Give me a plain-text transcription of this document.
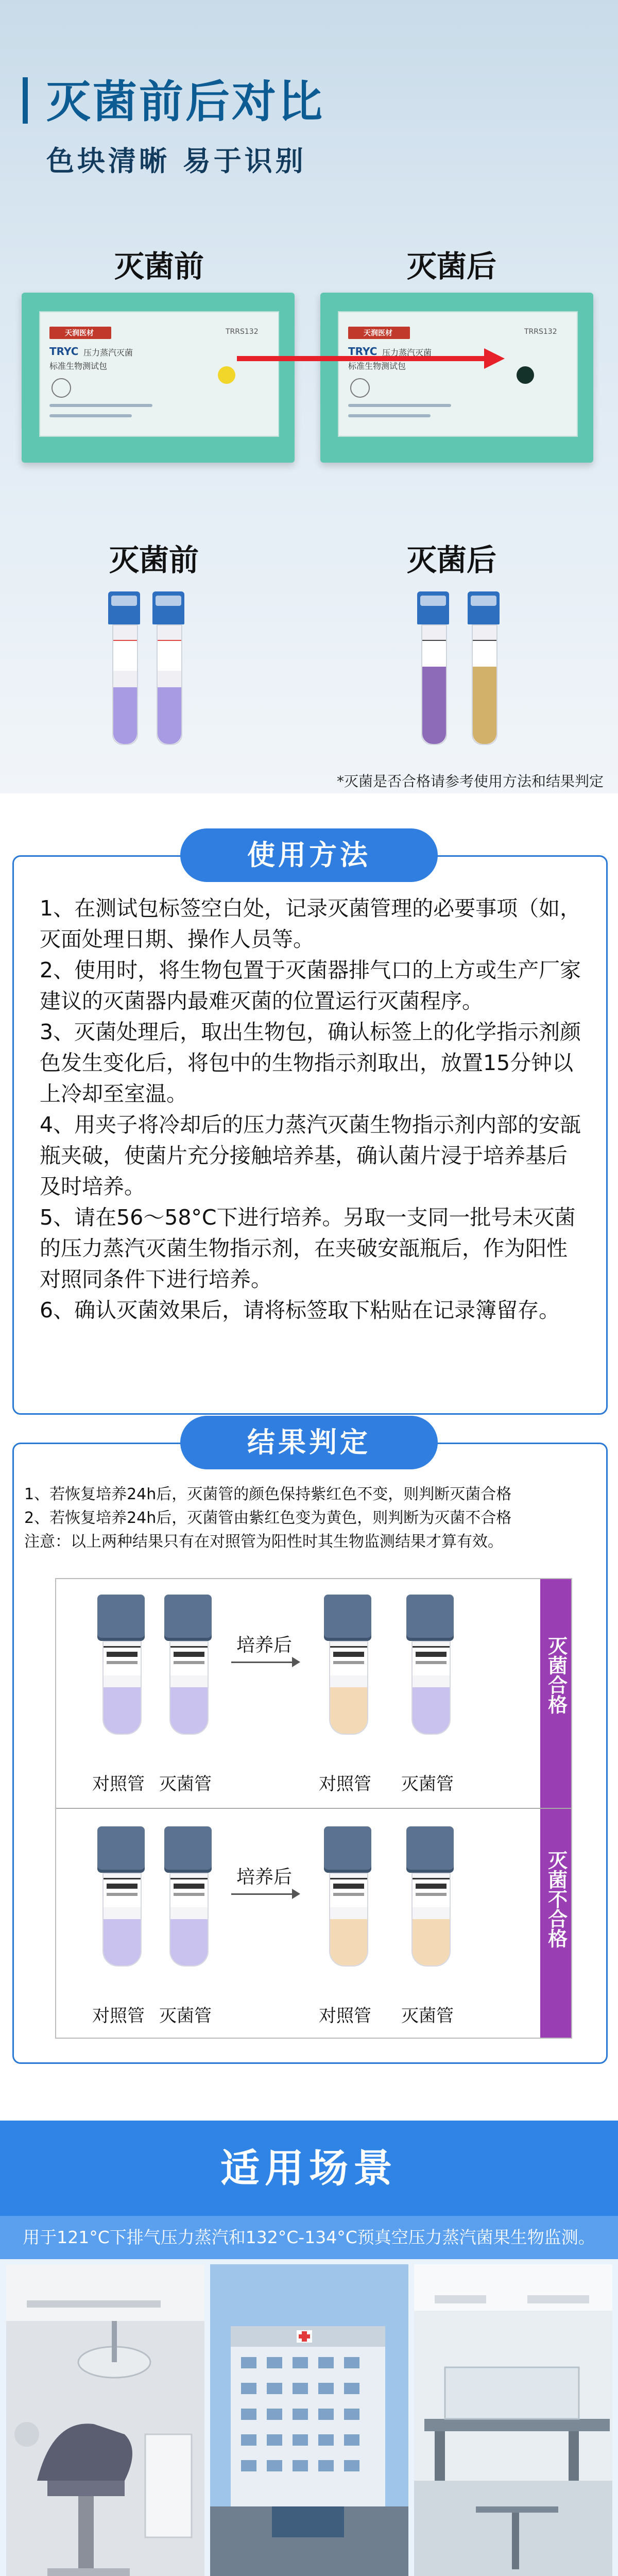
灭菌前后对比
色块清晰 易于识别
灭菌前	灭菌后
天润医材	TRRS132
TRYC 压力蒸汽灭菌
标准生物测试包
天润医材	TRRS132
TRYC 压力蒸汽灭菌
标准生物测试包
灭菌前	灭菌后
*灭菌是否合格请参考使用方法和结果判定

1、在测试包标签空白处，记录灭菌管理的必要事项（如，灭面处理日期、操作人员等。

2、使用时，将生物包置于灭菌器排气口的上方或生产厂家建议的灭菌器内最难灭菌的位置运行灭菌程序。

3、灭菌处理后，取出生物包，确认标签上的化学指示剂颜色发生变化后，将包中的生物指示剂取出，放置15分钟以上冷却至室温。

4、用夹子将冷却后的压力蒸汽灭菌生物指示剂内部的安瓿瓶夹破，使菌片充分接触培养基，确认菌片浸于培养基后及时培养。

5、请在56～58°C下进行培养。另取一支同一批号未灭菌的压力蒸汽灭菌生物指示剂，在夹破安瓿瓶后，作为阳性对照同条件下进行培养。

6、确认灭菌效果后，请将标签取下粘贴在记录簿留存。

使用方法
1、若恢复培养24h后，灭菌管的颜色保持紫红色不变，则判断灭菌合格
2、若恢复培养24h后，灭菌管由紫红色变为黄色，则判断为灭菌不合格
注意：以上两种结果只有在对照管为阳性时其生物监测结果才算有效。
灭菌合格
培养后
对照管 灭菌管	对照管 灭菌管
灭菌不合格
培养后
对照管 灭菌管	对照管 灭菌管
结果判定
适用场景
用于121°C下排气压力蒸汽和132°C-134°C预真空压力蒸汽菌果生物监测。
